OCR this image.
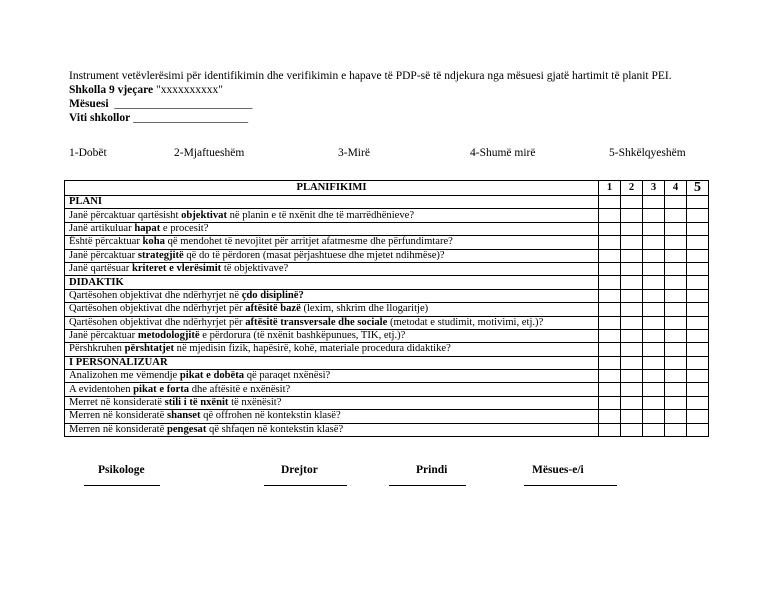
Instrument vetëvlerësimi për identifikimin dhe verifikimin e hapave të PDP-së të ndjekura nga mësuesi gjatë hartimit të planit PEI.
Shkolla 9 vjeçare "xxxxxxxxxx"
Mësuesi ________________________
Viti shkollor ____________________
1-Dobët	2-Mjaftueshëm	3-Mirë	4-Shumë mirë	5-Shkëlqyeshëm
PLANIFIKIMI	1	2	3	4	5
PLANI					
Janë përcaktuar qartësisht objektivat në planin e të nxënit dhe të marrëdhënieve?					
Janë artikuluar hapat e procesit?					
Është përcaktuar koha që mendohet të nevojitet për arritjet afatmesme dhe përfundimtare?					
Janë përcaktuar strategjitë që do të përdoren (masat përjashtuese dhe mjetet ndihmëse)?					
Janë qartësuar kriteret e vlerësimit të objektivave?					
DIDAKTIK					
Qartësohen objektivat dhe ndërhyrjet në çdo disiplinë?					
Qartësohen objektivat dhe ndërhyrjet për aftësitë bazë (lexim, shkrim dhe llogaritje)					
Qartësohen objektivat dhe ndërhyrjet për aftësitë transversale dhe sociale (metodat e studimit, motivimi, etj.)?					
Janë përcaktuar metodologjitë e përdorura (të nxënit bashkëpunues, TIK, etj.)?					
Përshkruhen përshtatjet në mjedisin fizik, hapësirë, kohë, materiale procedura didaktike?					
I PERSONALIZUAR					
Analizohen me vëmendje pikat e dobëta që paraqet nxënësi?					
A evidentohen pikat e forta dhe aftësitë e nxënësit?					
Merret në konsideratë stili i të nxënit të nxënësit?					
Merren në konsideratë shanset që offrohen në kontekstin klasë?					
Merren në konsideratë pengesat që shfaqen në kontekstin klasë?					
Psikologe	Drejtor	Prindi	Mësues-e/i
